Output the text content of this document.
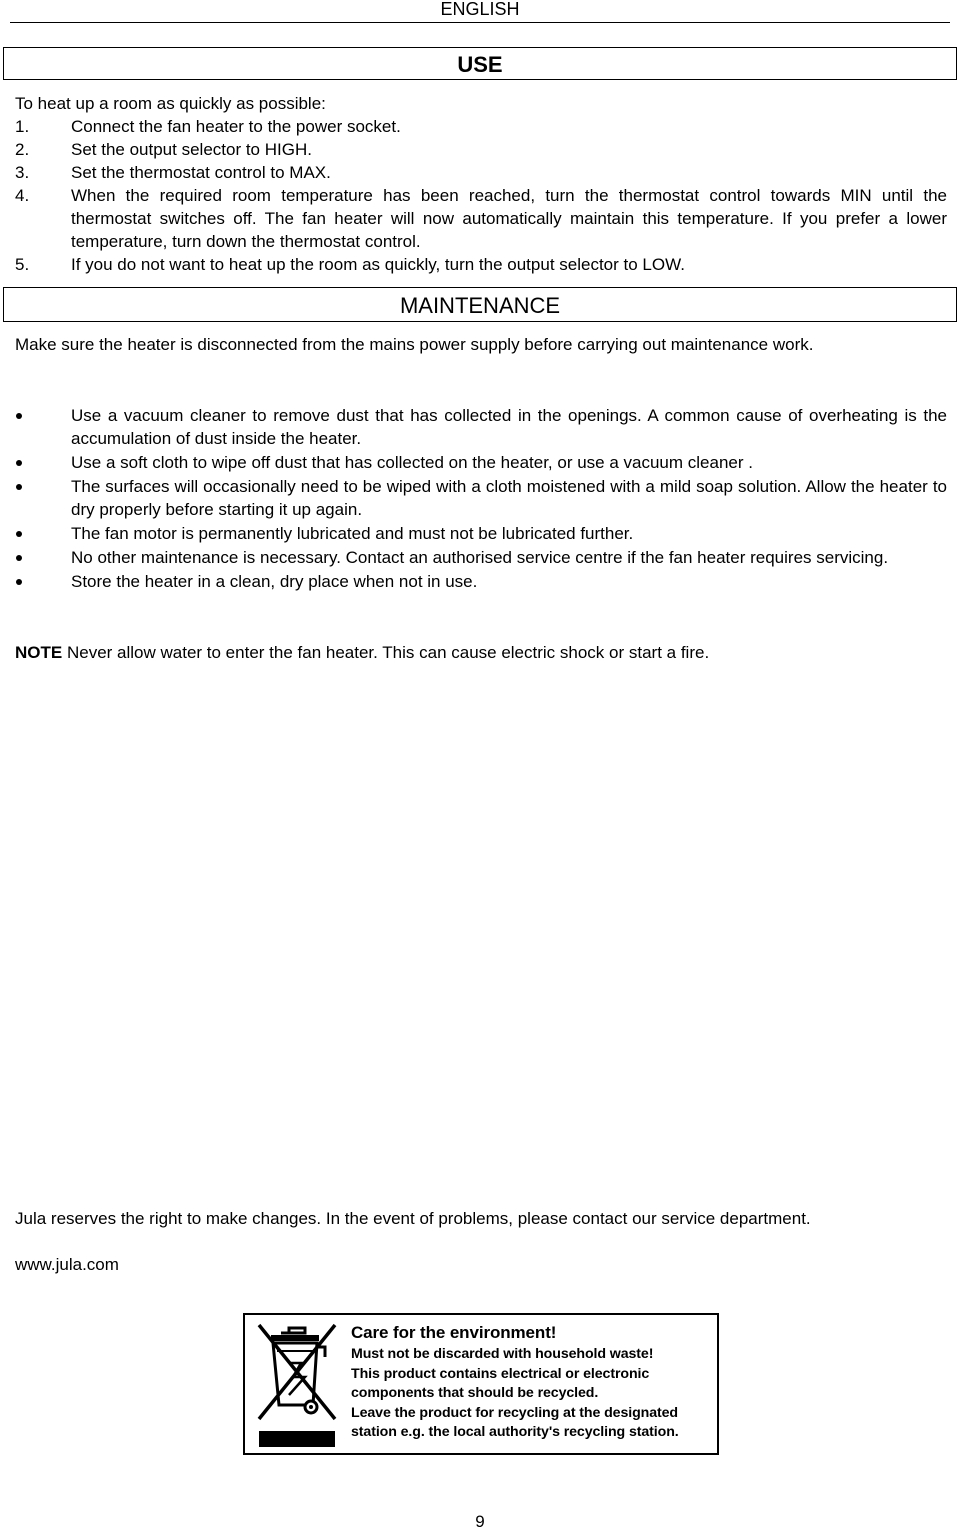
ENGLISH
USE
To heat up a room as quickly as possible:
1. Connect the fan heater to the power socket.
2. Set the output selector to HIGH.
3. Set the thermostat control to MAX.
4. When the required room temperature has been reached, turn the thermostat control towards MIN until the thermostat switches off. The fan heater will now automatically maintain this temperature. If you prefer a lower temperature, turn down the thermostat control.
5. If you do not want to heat up the room as quickly, turn the output selector to LOW.
MAINTENANCE
Make sure the heater is disconnected from the mains power supply before carrying out maintenance work.
Use a vacuum cleaner to remove dust that has collected in the openings. A common cause of overheating is the accumulation of dust inside the heater.
Use a soft cloth to wipe off dust that has collected on the heater, or use a vacuum cleaner .
The surfaces will occasionally need to be wiped with a cloth moistened with a mild soap solution. Allow the heater to dry properly before starting it up again.
The fan motor is permanently lubricated and must not be lubricated further.
No other maintenance is necessary. Contact an authorised service centre if the fan heater requires servicing.
Store the heater in a clean, dry place when not in use.
NOTE Never allow water to enter the fan heater. This can cause electric shock or start a fire.
Jula reserves the right to make changes. In the event of problems, please contact our service department.
www.jula.com
Care for the environment!
Must not be discarded with household waste!
This product contains electrical or electronic
components that should be recycled.
Leave the product for recycling at the designated
station e.g. the local authority's recycling station.
9
